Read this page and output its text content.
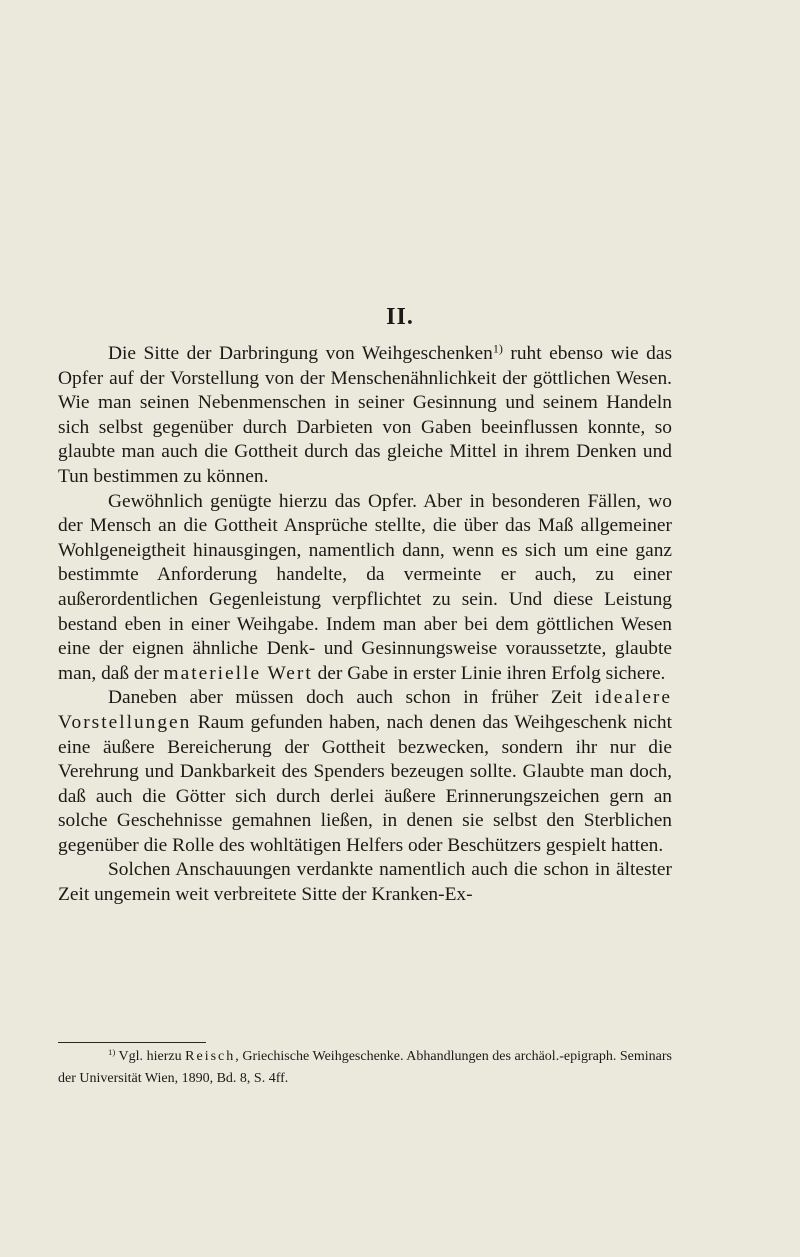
II.

Die Sitte der Darbringung von Weihgeschenken$^{1)}$ ruht ebenso wie das Opfer auf der Vorstellung von der Menschenähnlichkeit der göttlichen Wesen. Wie man seinen Nebenmenschen in seiner Gesinnung und seinem Handeln sich selbst gegenüber durch Darbieten von Gaben beeinflussen konnte, so glaubte man auch die Gottheit durch das gleiche Mittel in ihrem Denken und Tun bestimmen zu können.

Gewöhnlich genügte hierzu das Opfer. Aber in besonderen Fällen, wo der Mensch an die Gottheit Ansprüche stellte, die über das Maß allgemeiner Wohlgeneigtheit hinausgingen, namentlich dann, wenn es sich um eine ganz bestimmte Anforderung handelte, da vermeinte er auch, zu einer außerordentlichen Gegenleistung verpflichtet zu sein. Und diese Leistung bestand eben in einer Weihgabe. Indem man aber bei dem göttlichen Wesen eine der eignen ähnliche Denk- und Gesinnungsweise voraussetzte, glaubte man, daß der materielle Wert der Gabe in erster Linie ihren Erfolg sichere.

Daneben aber müssen doch auch schon in früher Zeit idealere Vorstellungen Raum gefunden haben, nach denen das Weihgeschenk nicht eine äußere Bereicherung der Gottheit bezwecken, sondern ihr nur die Verehrung und Dankbarkeit des Spenders bezeugen sollte. Glaubte man doch, daß auch die Götter sich durch derlei äußere Erinnerungszeichen gern an solche Geschehnisse gemahnen ließen, in denen sie selbst den Sterblichen gegenüber die Rolle des wohltätigen Helfers oder Beschützers gespielt hatten.

Solchen Anschauungen verdankte namentlich auch die schon in ältester Zeit ungemein weit verbreitete Sitte der Kranken-Ex-

$^{1)}$ Vgl. hierzu Reisch, Griechische Weihgeschenke. Abhandlungen des archäol.-epigraph. Seminars der Universität Wien, 1890, Bd. 8, S. 4ff.
